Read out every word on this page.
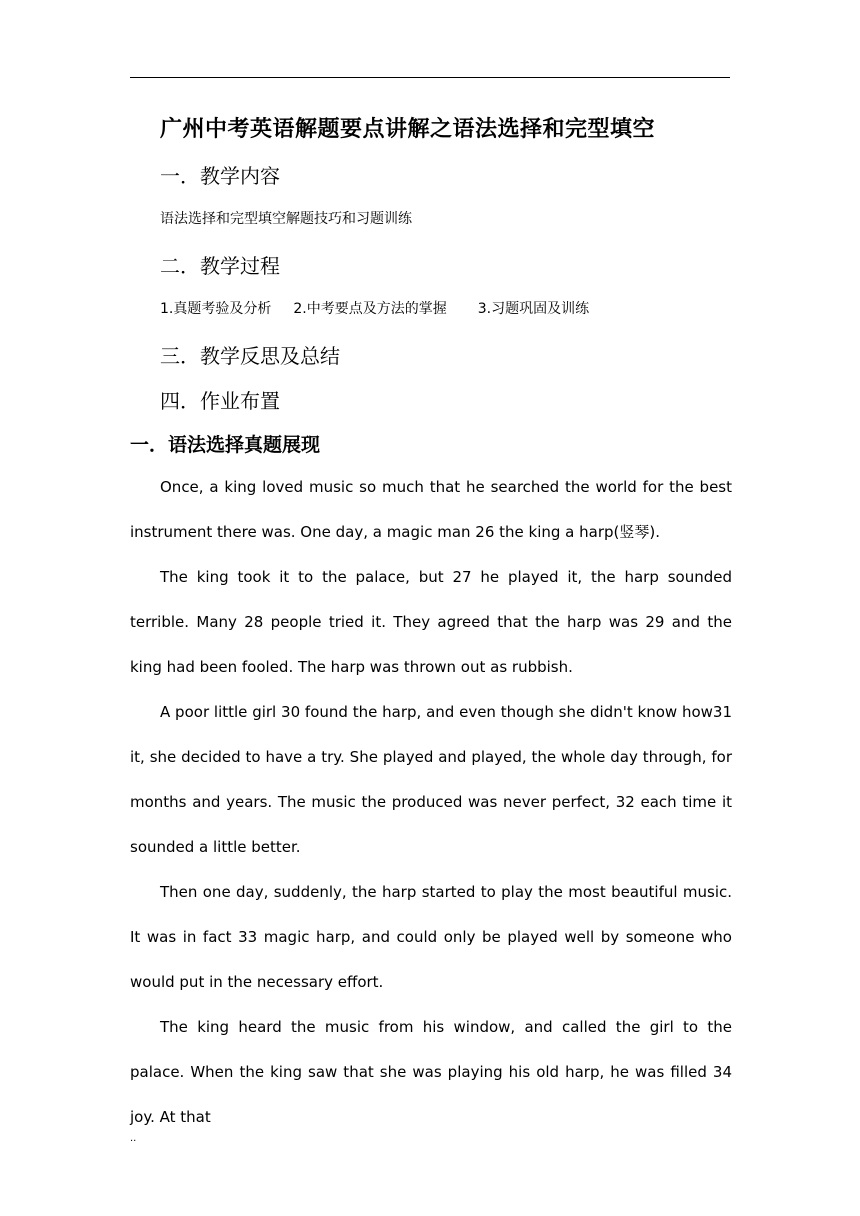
广州中考英语解题要点讲解之语法选择和完型填空
一．教学内容
语法选择和完型填空解题技巧和习题训练
二．教学过程
1.真题考验及分析 2.中考要点及方法的掌握 3.习题巩固及训练
三．教学反思及总结
四．作业布置
一．语法选择真题展现

Once, a king loved music so much that he searched the world for the best instrument there was. One day, a magic man 26 the king a harp(竖琴).

The king took it to the palace, but 27 he played it, the harp sounded terrible. Many 28 people tried it. They agreed that the harp was 29 and the king had been fooled. The harp was thrown out as rubbish.

A poor little girl 30 found the harp, and even though she didn't know how31 it, she decided to have a try. She played and played, the whole day through, for months and years. The music the produced was never perfect, 32 each time it sounded a little better.

Then one day, suddenly, the harp started to play the most beautiful music. It was in fact 33 magic harp, and could only be played well by someone who would put in the necessary effort.

The king heard the music from his window, and called the girl to the palace. When the king saw that she was playing his old harp, he was filled 34 joy. At that

..
